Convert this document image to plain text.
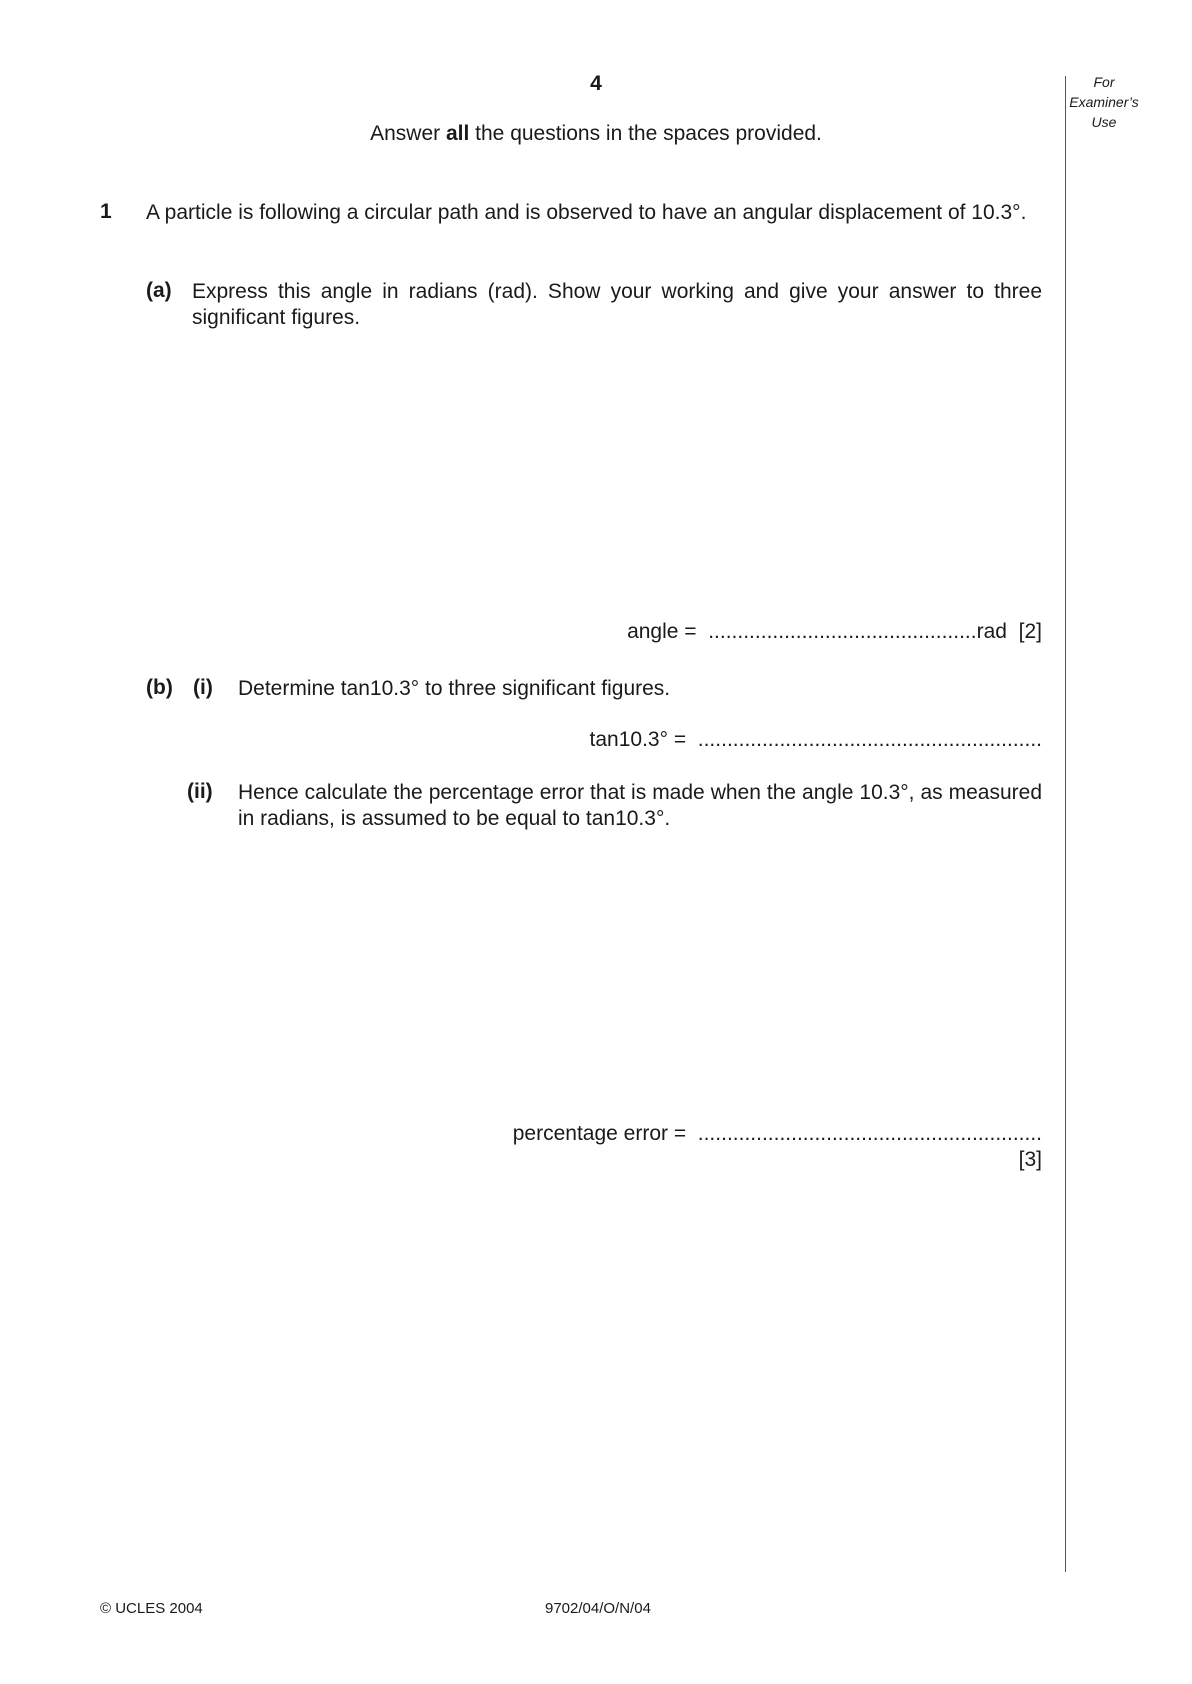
4
Answer all the questions in the spaces provided.
For
Examiner’s
Use
1 A particle is following a circular path and is observed to have an angular displacement of 10.3°.
(a) Express this angle in radians (rad). Show your working and give your answer to three significant figures.
angle = ..............................................rad [2]
(b) (i) Determine tan10.3° to three significant figures.
tan10.3° = ...........................................................
(ii) Hence calculate the percentage error that is made when the angle 10.3°, as measured in radians, is assumed to be equal to tan10.3°.
percentage error = ...........................................................
[3]
© UCLES 2004	9702/04/O/N/04
